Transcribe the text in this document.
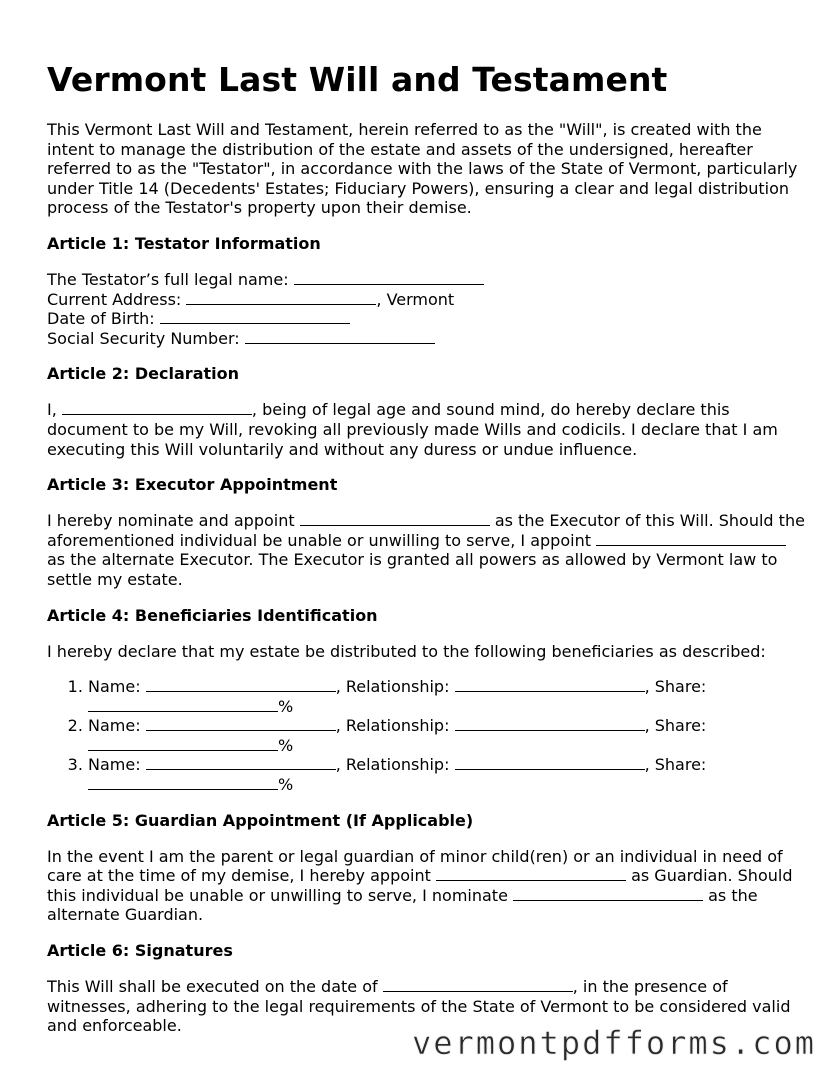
Vermont Last Will and Testament

This Vermont Last Will and Testament, herein referred to as the "Will", is created with the intent to manage the distribution of the estate and assets of the undersigned, hereafter referred to as the "Testator", in accordance with the laws of the State of Vermont, particularly under Title 14 (Decedents' Estates; Fiduciary Powers), ensuring a clear and legal distribution process of the Testator's property upon their demise.

Article 1: Testator Information

The Testator’s full legal name:

Current Address:	, Vermont

Date of Birth:

Social Security Number:

Article 2: Declaration

I,	, being of legal age and sound mind, do hereby declare this document to be my Will, revoking all previously made Wills and codicils. I declare that I am executing this Will voluntarily and without any duress or undue influence.

Article 3: Executor Appointment

I hereby nominate and appoint	as the Executor of this Will. Should the aforementioned individual be unable or unwilling to serve, I appoint  as the alternate Executor. The Executor is granted all powers as allowed by Vermont law to settle my estate.

Article 4: Beneficiaries Identification

I hereby declare that my estate be distributed to the following beneficiaries as described:

1. Name:	, Relationship:	, Share: %
2. Name:	, Relationship:	, Share: %
3. Name:	, Relationship:	, Share: %
Article 5: Guardian Appointment (If Applicable)

In the event I am the parent or legal guardian of minor child(ren) or an individual in need of care at the time of my demise, I hereby appoint	as Guardian. Should this individual be unable or unwilling to serve, I nominate	as the alternate Guardian.

Article 6: Signatures

This Will shall be executed on the date of	, in the presence of witnesses, adhering to the legal requirements of the State of Vermont to be considered valid and enforceable.	vermontpdfforms.com
